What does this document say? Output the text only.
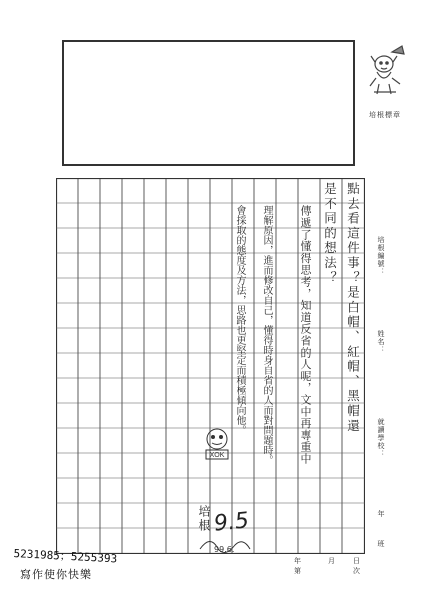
培根標章
點去看這件事？是白帽、紅帽、黑帽還
是不同的想法？
傳遞了懂得思考，知道反省的人呢，文中再專重中
理解原因，進而修改自己，懂得時身自省的人而對問題時。
會採取的態度及方法，思路也更堅定而積極傾向他。
XOK
培根 9.5
99.6.
培根編號：
姓名：
就讀學校：
年
班
年	月	日
第	次
5231985；5255393
寫作使你快樂
